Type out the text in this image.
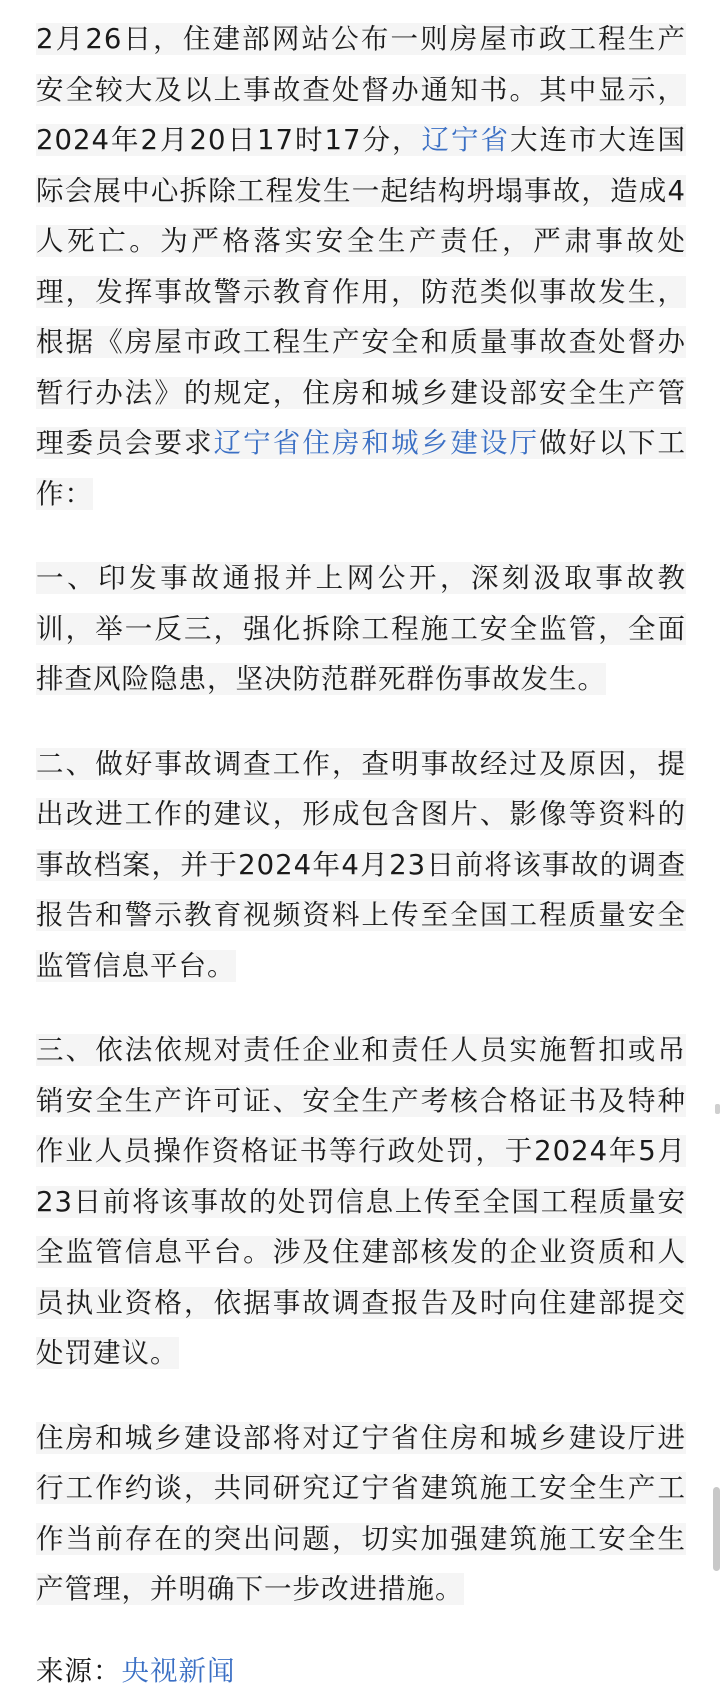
2月26日，住建部网站公布一则房屋市政工程生产安全较大及以上事故查处督办通知书。其中显示，2024年2月20日17时17分，辽宁省大连市大连国际会展中心拆除工程发生一起结构坍塌事故，造成4人死亡。为严格落实安全生产责任，严肃事故处理，发挥事故警示教育作用，防范类似事故发生，根据《房屋市政工程生产安全和质量事故查处督办暂行办法》的规定，住房和城乡建设部安全生产管理委员会要求辽宁省住房和城乡建设厅做好以下工作：

一、印发事故通报并上网公开，深刻汲取事故教训，举一反三，强化拆除工程施工安全监管，全面排查风险隐患，坚决防范群死群伤事故发生。

二、做好事故调查工作，查明事故经过及原因，提出改进工作的建议，形成包含图片、影像等资料的事故档案，并于2024年4月23日前将该事故的调查报告和警示教育视频资料上传至全国工程质量安全监管信息平台。

三、依法依规对责任企业和责任人员实施暂扣或吊销安全生产许可证、安全生产考核合格证书及特种作业人员操作资格证书等行政处罚，于2024年5月23日前将该事故的处罚信息上传至全国工程质量安全监管信息平台。涉及住建部核发的企业资质和人员执业资格，依据事故调查报告及时向住建部提交处罚建议。

住房和城乡建设部将对辽宁省住房和城乡建设厅进行工作约谈，共同研究辽宁省建筑施工安全生产工作当前存在的突出问题，切实加强建筑施工安全生产管理，并明确下一步改进措施。

来源：央视新闻
